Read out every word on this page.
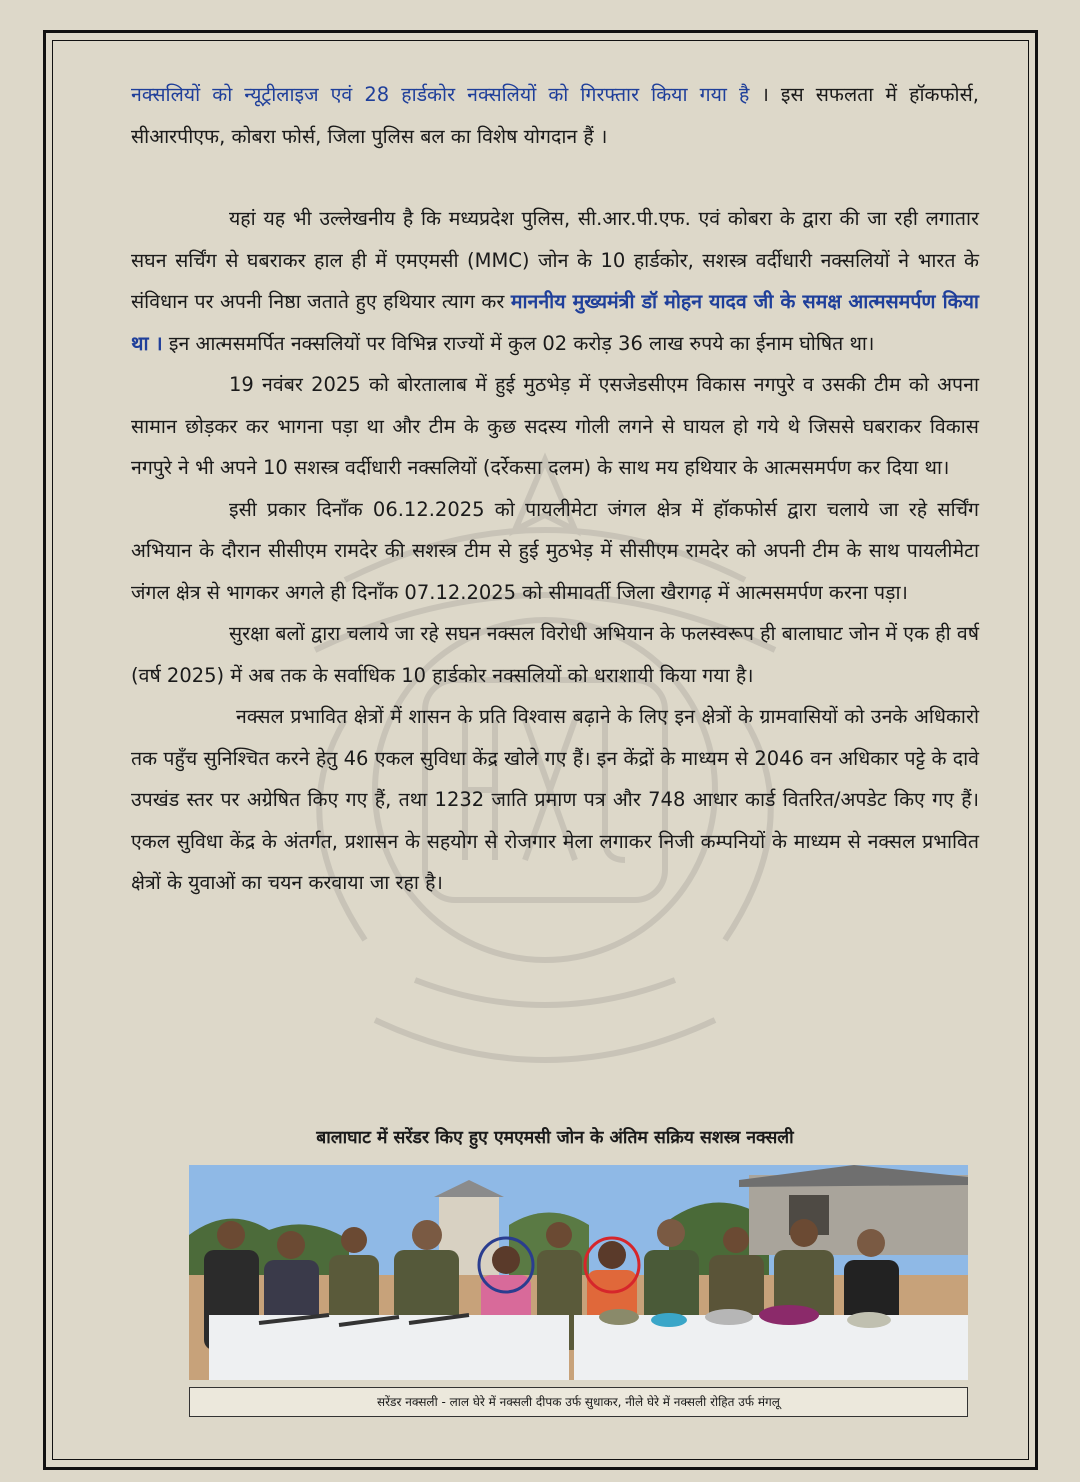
नक्सलियों को न्यूट्रीलाइज एवं 28 हार्डकोर नक्सलियों को गिरफ्तार किया गया है । इस सफलता में हॉकफोर्स, सीआरपीएफ, कोबरा फोर्स, जिला पुलिस बल का विशेष योगदान हैं ।

यहां यह भी उल्लेखनीय है कि मध्यप्रदेश पुलिस, सी.आर.पी.एफ. एवं कोबरा के द्वारा की जा रही लगातार सघन सर्चिंग से घबराकर हाल ही में एमएमसी (MMC) जोन के 10 हार्डकोर, सशस्त्र वर्दीधारी नक्सलियों ने भारत के संविधान पर अपनी निष्ठा जताते हुए हथियार त्याग कर माननीय मुख्यमंत्री डॉ मोहन यादव जी के समक्ष आत्मसमर्पण किया था । इन आत्मसमर्पित नक्सलियों पर विभिन्न राज्यों में कुल 02 करोड़ 36 लाख रुपये का ईनाम घोषित था।

19 नवंबर 2025 को बोरतालाब में हुई मुठभेड़ में एसजेडसीएम विकास नगपुरे व उसकी टीम को अपना सामान छोड़कर कर भागना पड़ा था और टीम के कुछ सदस्य गोली लगने से घायल हो गये थे जिससे घबराकर विकास नगपुरे ने भी अपने 10 सशस्त्र वर्दीधारी नक्सलियों (दर्रेकसा दलम) के साथ मय हथियार के आत्मसमर्पण कर दिया था।

इसी प्रकार दिनाँक 06.12.2025 को पायलीमेटा जंगल क्षेत्र में हॉकफोर्स द्वारा चलाये जा रहे सर्चिंग अभियान के दौरान सीसीएम रामदेर की सशस्त्र टीम से हुई मुठभेड़ में सीसीएम रामदेर को अपनी टीम के साथ पायलीमेटा जंगल क्षेत्र से भागकर अगले ही दिनाँक 07.12.2025 को सीमावर्ती जिला खैरागढ़ में आत्मसमर्पण करना पड़ा।

सुरक्षा बलों द्वारा चलाये जा रहे सघन नक्सल विरोधी अभियान के फलस्वरूप ही बालाघाट जोन में एक ही वर्ष (वर्ष 2025) में अब तक के सर्वाधिक 10 हार्डकोर नक्सलियों को धराशायी किया गया है।

नक्सल प्रभावित क्षेत्रों में शासन के प्रति विश्वास बढ़ाने के लिए इन क्षेत्रों के ग्रामवासियों को उनके अधिकारो तक पहुँच सुनिश्चित करने हेतु 46 एकल सुविधा केंद्र खोले गए हैं। इन केंद्रों के माध्यम से 2046 वन अधिकार पट्टे के दावे उपखंड स्तर पर अग्रेषित किए गए हैं, तथा 1232 जाति प्रमाण पत्र और 748 आधार कार्ड वितरित/अपडेट किए गए हैं। एकल सुविधा केंद्र के अंतर्गत, प्रशासन के सहयोग से रोजगार मेला लगाकर निजी कम्पनियों के माध्यम से नक्सल प्रभावित क्षेत्रों के युवाओं का चयन करवाया जा रहा है।

बालाघाट में सरेंडर किए हुए एमएमसी जोन के अंतिम सक्रिय सशस्त्र नक्सली
सरेंडर नक्सली - लाल घेरे में नक्सली दीपक उर्फ सुधाकर, नीले घेरे में नक्सली रोहित उर्फ मंगलू
